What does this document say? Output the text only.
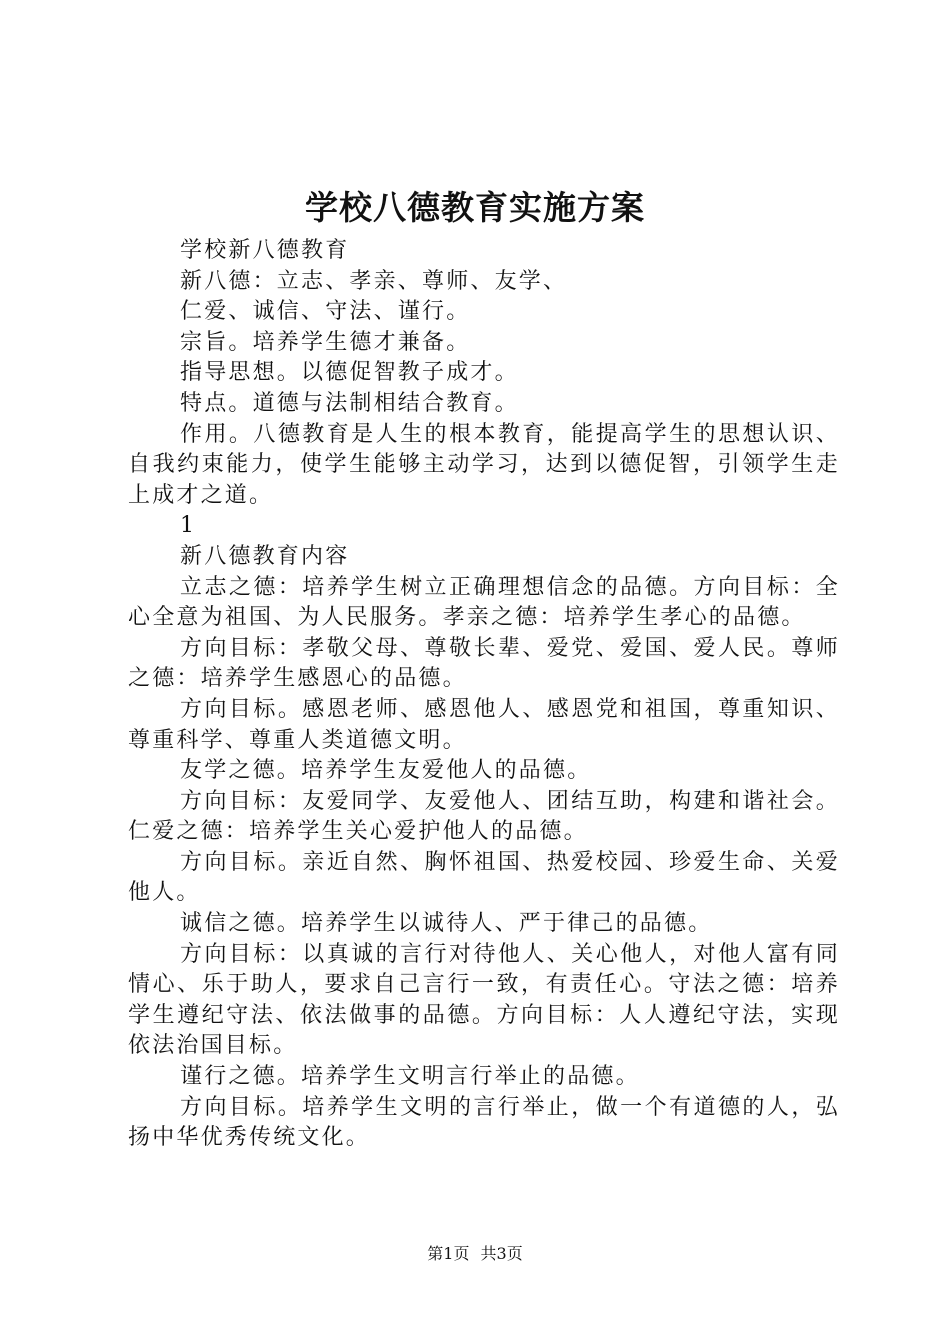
学校八德教育实施方案

学校新八德教育

新八德：立志、孝亲、尊师、友学、

仁爱、诚信、守法、谨行。

宗旨。培养学生德才兼备。

指导思想。以德促智教子成才。

特点。道德与法制相结合教育。

作用。八德教育是人生的根本教育，能提高学生的思想认识、自我约束能力，使学生能够主动学习，达到以德促智，引领学生走上成才之道。

1

新八德教育内容

立志之德：培养学生树立正确理想信念的品德。方向目标：全心全意为祖国、为人民服务。孝亲之德：培养学生孝心的品德。

方向目标：孝敬父母、尊敬长辈、爱党、爱国、爱人民。尊师之德：培养学生感恩心的品德。

方向目标。感恩老师、感恩他人、感恩党和祖国，尊重知识、尊重科学、尊重人类道德文明。

友学之德。培养学生友爱他人的品德。

方向目标：友爱同学、友爱他人、团结互助，构建和谐社会。仁爱之德：培养学生关心爱护他人的品德。

方向目标。亲近自然、胸怀祖国、热爱校园、珍爱生命、关爱他人。

诚信之德。培养学生以诚待人、严于律己的品德。

方向目标：以真诚的言行对待他人、关心他人，对他人富有同情心、乐于助人，要求自己言行一致，有责任心。守法之德：培养学生遵纪守法、依法做事的品德。方向目标：人人遵纪守法，实现依法治国目标。

谨行之德。培养学生文明言行举止的品德。

方向目标。培养学生文明的言行举止，做一个有道德的人，弘扬中华优秀传统文化。

第1页 共3页
